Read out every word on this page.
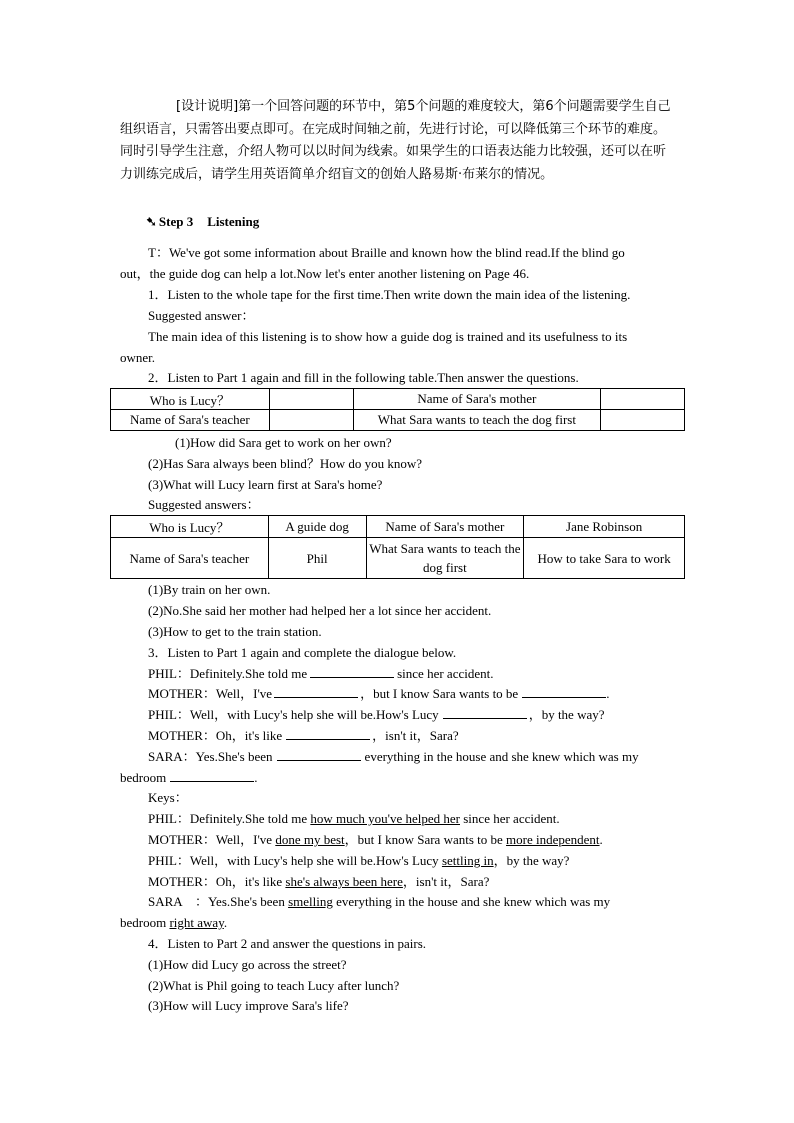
[设计说明]第一个回答问题的环节中，第5个问题的难度较大，第6个问题需要学生自己组织语言，只需答出要点即可。在完成时间轴之前，先进行讨论，可以降低第三个环节的难度。同时引导学生注意，介绍人物可以以时间为线索。如果学生的口语表达能力比较强，还可以在听力训练完成后，请学生用英语简单介绍盲文的创始人路易斯·布莱尔的情况。
➷ Step 3 Listening
T：We've got some information about Braille and known how the blind read.If the blind go
out，the guide dog can help a lot.Now let's enter another listening on Page 46.
1．Listen to the whole tape for the first time.Then write down the main idea of the listening.
Suggested answer：
The main idea of this listening is to show how a guide dog is trained and its usefulness to its
owner.
2．Listen to Part 1 again and fill in the following table.Then answer the questions.
Who is Lucy？		Name of Sara's mother	
Name of Sara's teacher		What Sara wants to teach the dog first	
(1)How did Sara get to work on her own?
(2)Has Sara always been blind？How do you know?
(3)What will Lucy learn first at Sara's home?
Suggested answers：
Who is Lucy？	A guide dog	Name of Sara's mother	Jane Robinson
Name of Sara's teacher	Phil	What Sara wants to teach the dog first	How to take Sara to work
(1)By train on her own.
(2)No.She said her mother had helped her a lot since her accident.
(3)How to get to the train station.
3．Listen to Part 1 again and complete the dialogue below.
PHIL：Definitely.She told me	since her accident.
MOTHER：Well，I've	，but I know Sara wants to be	.
PHIL：Well，with Lucy's help she will be.How's Lucy	，by the way?
MOTHER：Oh，it's like	，isn't it，Sara?
SARA：Yes.She's been	everything in the house and she knew which was my
bedroom	.
Keys：
PHIL：Definitely.She told me how much you've helped her since her accident.
MOTHER：Well，I've done my best，but I know Sara wants to be more independent.
PHIL：Well，with Lucy's help she will be.How's Lucy settling in，by the way?
MOTHER：Oh，it's like she's always been here，isn't it，Sara?
SARA　：Yes.She's been smelling everything in the house and she knew which was my
bedroom right away.
4．Listen to Part 2 and answer the questions in pairs.
(1)How did Lucy go across the street?
(2)What is Phil going to teach Lucy after lunch?
(3)How will Lucy improve Sara's life?
